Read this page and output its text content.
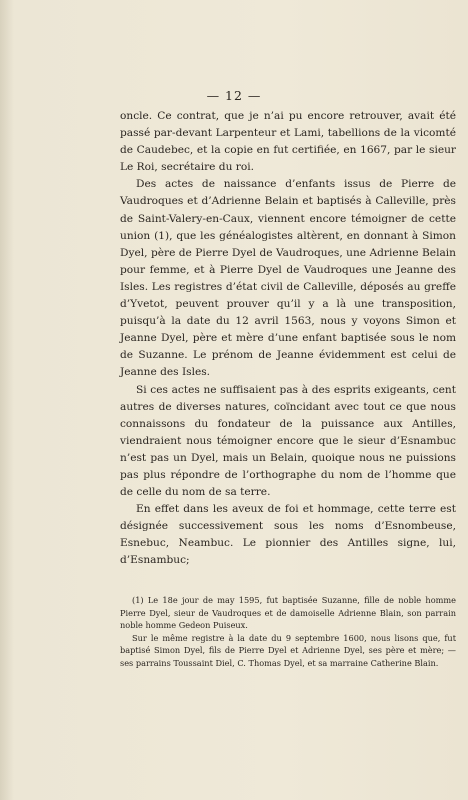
— 12 —

oncle. Ce contrat, que je n’ai pu encore retrouver, avait été passé par-devant Larpenteur et Lami, tabellions de la vicomté de Caudebec, et la copie en fut certifiée, en 1667, par le sieur Le Roi, secrétaire du roi.

Des actes de naissance d’enfants issus de Pierre de Vaudroques et d’Adrienne Belain et baptisés à Calleville, près de Saint-Valery-en-Caux, viennent encore témoigner de cette union (1), que les généalogistes altèrent, en donnant à Simon Dyel, père de Pierre Dyel de Vaudroques, une Adrienne Belain pour femme, et à Pierre Dyel de Vaudroques une Jeanne des Isles. Les registres d’état civil de Calleville, déposés au greffe d’Yvetot, peuvent prouver qu’il y a là une transposition, puisqu’à la date du 12 avril 1563, nous y voyons Simon et Jeanne Dyel, père et mère d’une enfant baptisée sous le nom de Suzanne. Le prénom de Jeanne évidemment est celui de Jeanne des Isles.

Si ces actes ne suffisaient pas à des esprits exigeants, cent autres de diverses natures, coïncidant avec tout ce que nous connaissons du fondateur de la puissance aux Antilles, viendraient nous témoigner encore que le sieur d’Esnambuc n’est pas un Dyel, mais un Belain, quoique nous ne puissions pas plus répondre de l’orthographe du nom de l’homme que de celle du nom de sa terre.

En effet dans les aveux de foi et hommage, cette terre est désignée successivement sous les noms d’Esnombeuse, Esnebuc, Neambuc. Le pionnier des Antilles signe, lui, d’Esnambuc;

(1) Le 18e jour de may 1595, fut baptisée Suzanne, fille de noble homme Pierre Dyel, sieur de Vaudroques et de damoiselle Adrienne Blain, son parrain noble homme Gedeon Puiseux.

Sur le même registre à la date du 9 septembre 1600, nous lisons que, fut baptisé Simon Dyel, fils de Pierre Dyel et Adrienne Dyel, ses père et mère; — ses parrains Toussaint Diel, C. Thomas Dyel, et sa marraine Catherine Blain.
